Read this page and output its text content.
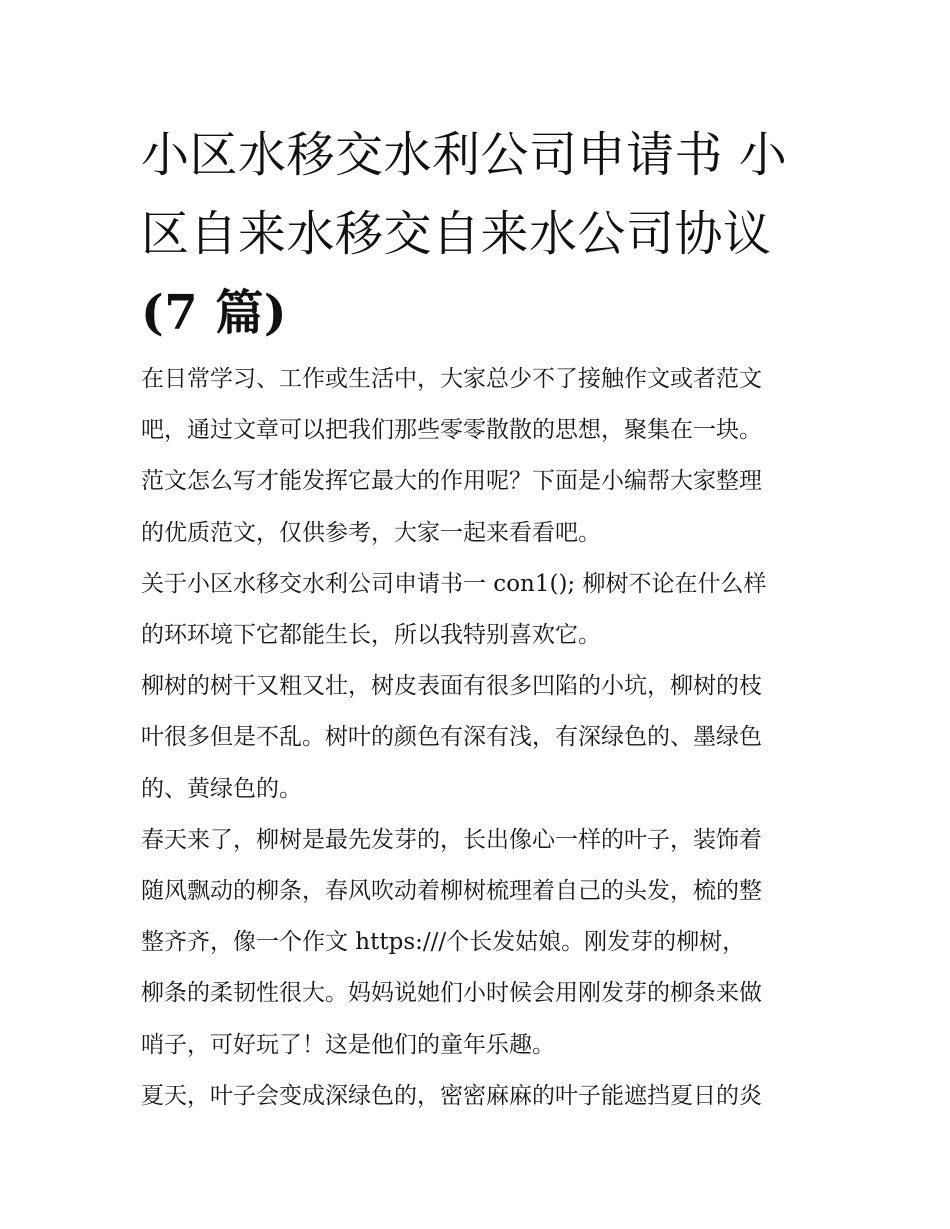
小区水移交水利公司申请书 小
区自来水移交自来水公司协议
(7 篇)

在日常学习、工作或生活中，大家总少不了接触作文或者范文
吧，通过文章可以把我们那些零零散散的思想，聚集在一块。
范文怎么写才能发挥它最大的作用呢？下面是小编帮大家整理
的优质范文，仅供参考，大家一起来看看吧。

关于小区水移交水利公司申请书一 con1(); 柳树不论在什么样
的环环境下它都能生长，所以我特别喜欢它。

柳树的树干又粗又壮，树皮表面有很多凹陷的小坑，柳树的枝
叶很多但是不乱。树叶的颜色有深有浅，有深绿色的、墨绿色
的、黄绿色的。

春天来了，柳树是最先发芽的，长出像心一样的叶子，装饰着
随风飘动的柳条，春风吹动着柳树梳理着自己的头发，梳的整
整齐齐，像一个作文 https:///个长发姑娘。刚发芽的柳树，
柳条的柔韧性很大。妈妈说她们小时候会用刚发芽的柳条来做
哨子，可好玩了！这是他们的童年乐趣。

夏天，叶子会变成深绿色的，密密麻麻的叶子能遮挡夏日的炎
